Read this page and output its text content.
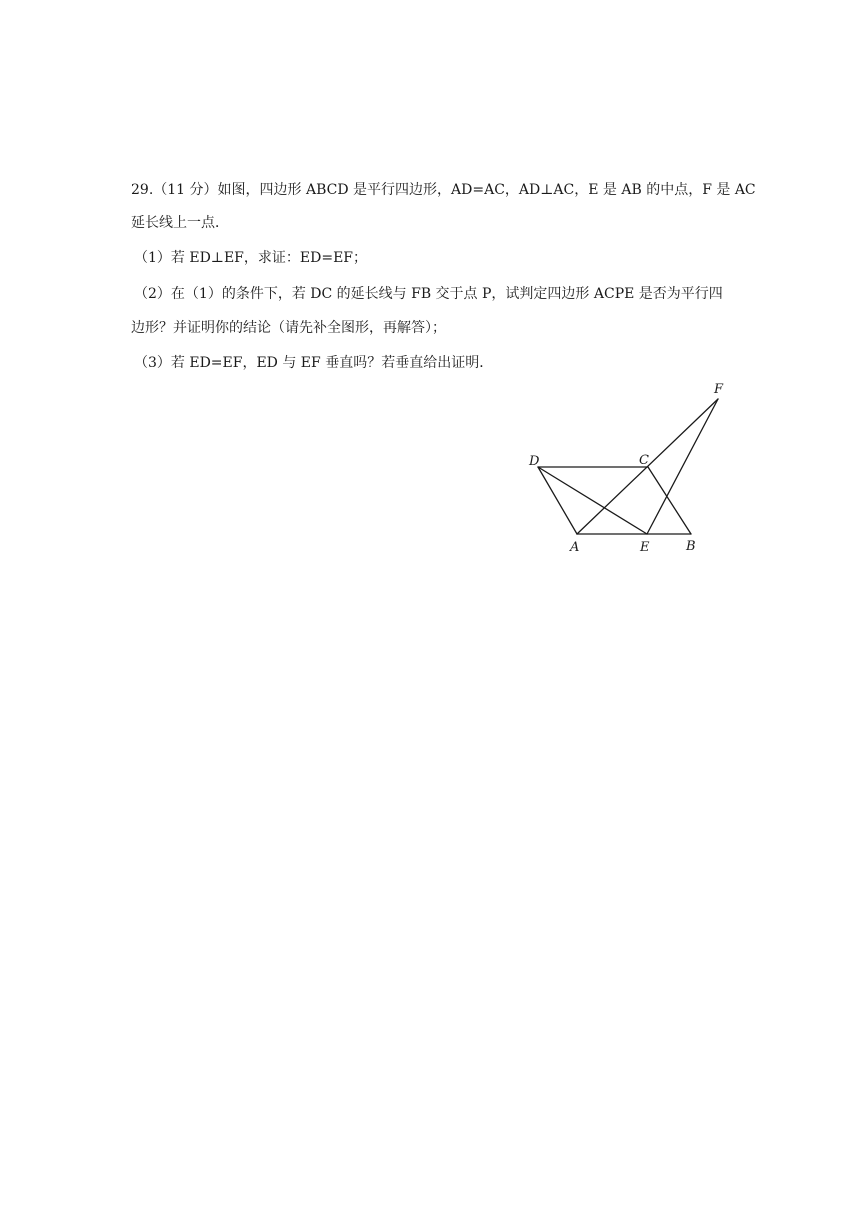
29.（11 分）如图，四边形 ABCD 是平行四边形，AD=AC，AD⊥AC，E 是 AB 的中点，F 是 AC
延长线上一点．
（1）若 ED⊥EF，求证：ED=EF；
（2）在（1）的条件下，若 DC 的延长线与 FB 交于点 P，试判定四边形 ACPE 是否为平行四
边形？并证明你的结论（请先补全图形，再解答）；
（3）若 ED=EF，ED 与 EF 垂直吗？若垂直给出证明．
F
D	C
A	E	B
